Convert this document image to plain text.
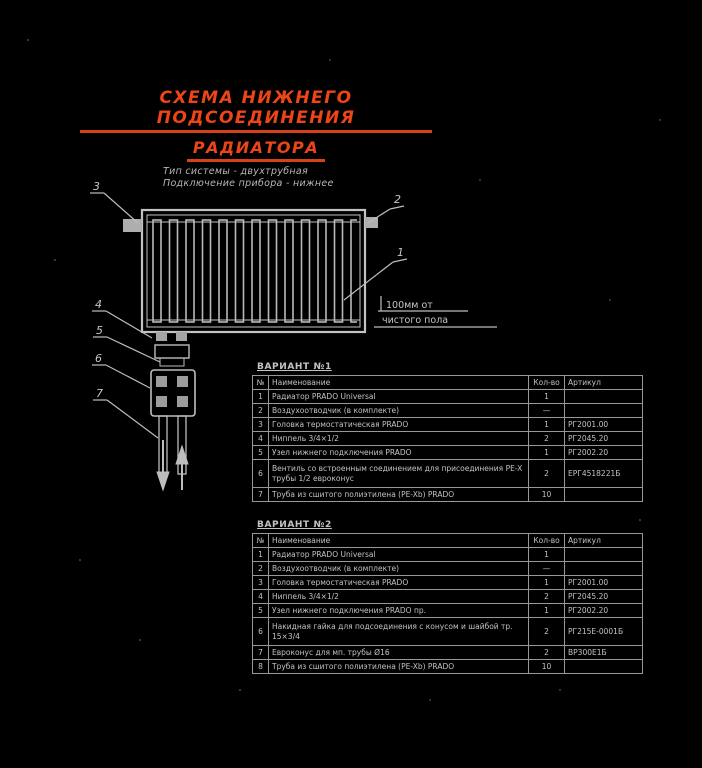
СХЕМА НИЖНЕГО ПОДСОЕДИНЕНИЯ
РАДИАТОРА
Тип системы - двухтрубная
Подключение прибора - нижнее
3
2
1
4
5
6
7
100мм от
чистого пола
ВАРИАНТ №1
№	Наименование	Кол-во	Артикул
1	Радиатор PRADO Universal	1	
2	Воздухоотводчик (в комплекте)	—	
3	Головка термостатическая PRADO	1	РГ2001.00
4	Ниппель 3/4×1/2	2	РГ2045.20
5	Узел нижнего подключения PRADO	1	РГ2002.20
6	Вентиль со встроенным соединением для присоединения PE-X трубы 1/2 евроконус	2	ЕРГ4518221Б
7	Труба из сшитого полиэтилена (PE-Xb) PRADO	10	
ВАРИАНТ №2
№	Наименование	Кол-во	Артикул
1	Радиатор PRADO Universal	1	
2	Воздухоотводчик (в комплекте)	—	
3	Головка термостатическая PRADO	1	РГ2001.00
4	Ниппель 3/4×1/2	2	РГ2045.20
5	Узел нижнего подключения PRADO пр.	1	РГ2002.20
6	Накидная гайка для подсоединения с конусом и шайбой тр. 15×3/4	2	РГ215Е-0001Б
7	Евроконус для мп. трубы Ø16	2	ВР300Е1Б
8	Труба из сшитого полиэтилена (PE-Xb) PRADO	10	
